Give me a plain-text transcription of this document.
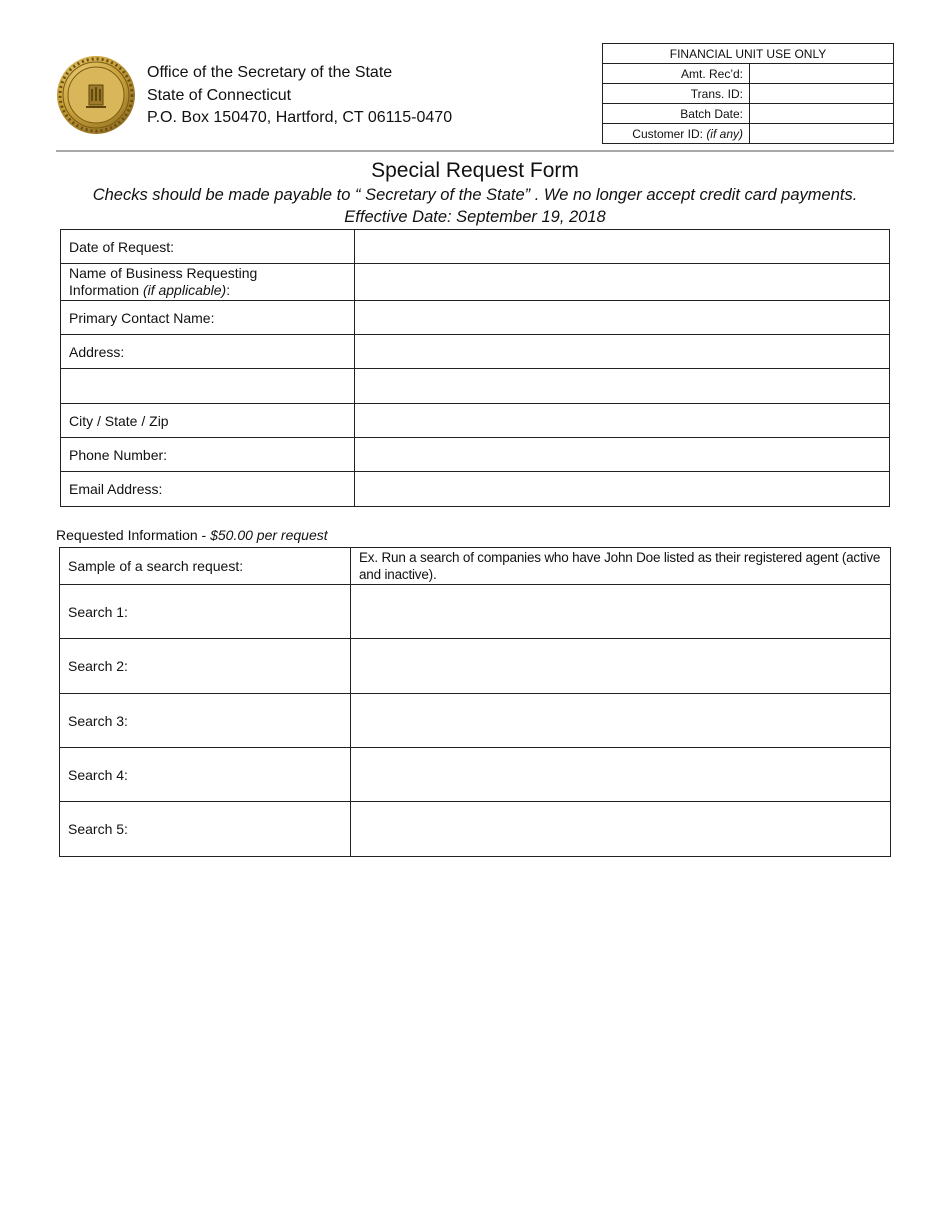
Office of the Secretary of the State
State of Connecticut
P.O. Box 150470, Hartford, CT 06115-0470
FINANCIAL UNIT USE ONLY	
Amt. Rec’d:	
Trans. ID:	
Batch Date:	
Customer ID: (if any)	
Special Request Form
Checks should be made payable to “ Secretary of the State” . We no longer accept credit card payments.
Effective Date: September 19, 2018
Date of Request:	
Name of Business Requesting
Information (if applicable):	
Primary Contact Name:	
Address:	

City / State / Zip	
Phone Number:	
Email Address:	
Requested Information - $50.00 per request
Sample of a search request:	Ex. Run a search of companies who have John Doe listed as their registered agent (active and inactive).
Search 1:	
Search 2:	
Search 3:	
Search 4:	
Search 5:	
